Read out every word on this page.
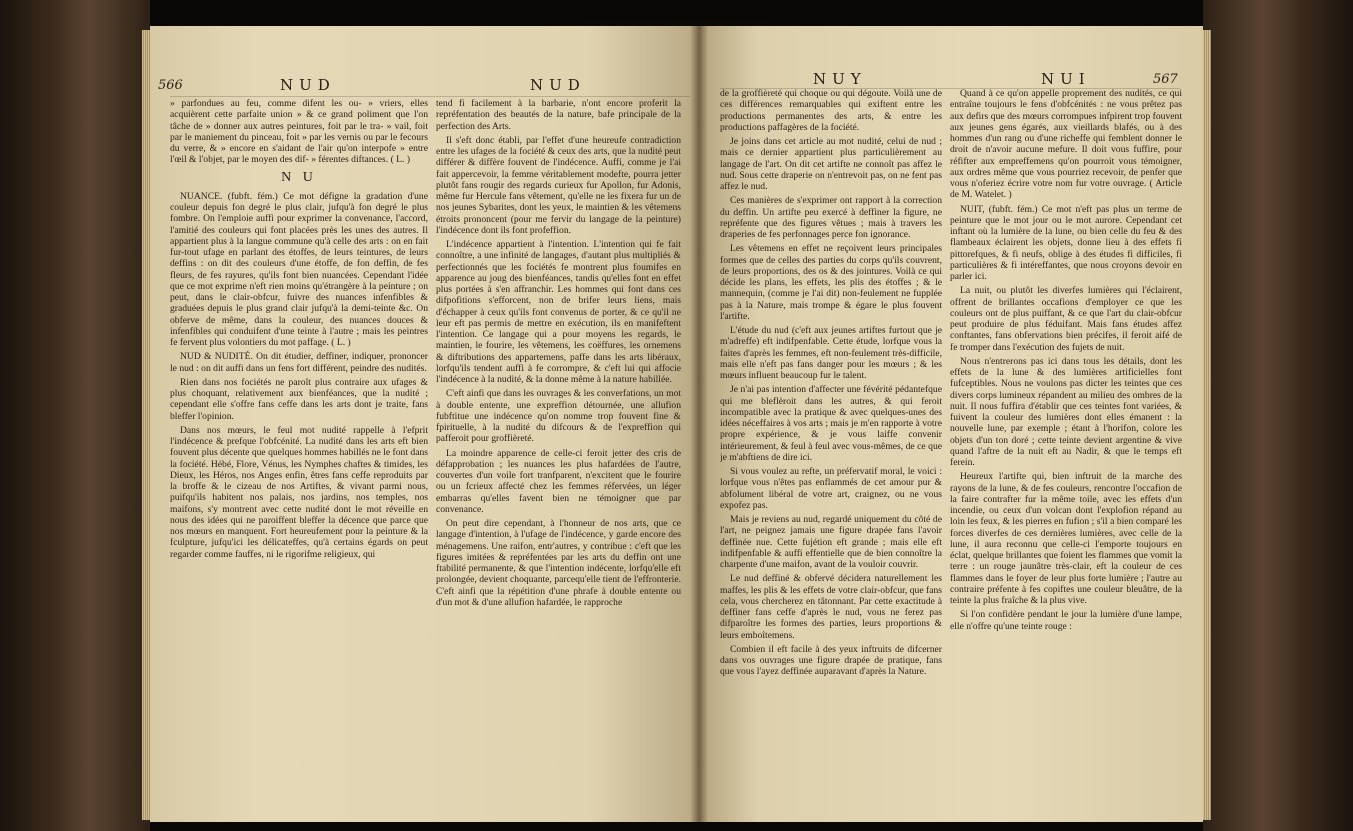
566	NUD	NUD

» parfondues au feu, comme difent les ou- » vriers, elles acquièrent cette parfaite union » & ce grand poliment que l'on tâche de » donner aux autres peintures, foit par le tra- » vail, foit par le maniement du pinceau, foit » par les vernis ou par le fecours du verre, & » encore en s'aidant de l'air qu'on interpofe » entre l'œil & l'objet, par le moyen des dif- » férentes diftances. ( L. )

N U

NUANCE. (fubft. fém.) Ce mot défigne la gradation d'une couleur depuis fon degré le plus clair, jufqu'à fon degré le plus fombre. On l'emploie auffi pour exprimer la convenance, l'accord, l'amitié des couleurs qui font placées près les unes des autres. Il appartient plus à la langue commune qu'à celle des arts : on en fait fur-tout ufage en parlant des étoffes, de leurs teintures, de leurs deffins : on dit des couleurs d'une étoffe, de fon deffin, de fes fleurs, de fes rayures, qu'ils font bien nuancées. Cependant l'idée que ce mot exprime n'eft rien moins qu'étrangère à la peinture ; on peut, dans le clair-obfcur, fuivre des nuances infenfibles & graduées depuis le plus grand clair jufqu'à la demi-teinte &c. On obferve de même, dans la couleur, des nuances douces & infenfibles qui conduifent d'une teinte à l'autre ; mais les peintres fe fervent plus volontiers du mot paffage. ( L. )

NUD & NUDITÉ. On dit étudier, deffiner, indiquer, prononcer le nud : on dit auffi dans un fens fort différent, peindre des nudités.

Rien dans nos fociétés ne paroît plus contraire aux ufages & plus choquant, relativement aux bienféances, que la nudité ; cependant elle s'offre fans ceffe dans les arts dont je traite, fans bleffer l'opinion.

Dans nos mœurs, le feul mot nudité rappelle à l'efprit l'indécence & prefque l'obfcénité. La nudité dans les arts eft bien fouvent plus décente que quelques hommes habillés ne le font dans la fociété. Hébé, Flore, Vénus, les Nymphes chaftes & timides, les Dieux, les Héros, nos Anges enfin, êtres fans ceffe reproduits par la broffe & le cizeau de nos Artiftes, & vivant parmi nous, puifqu'ils habitent nos palais, nos jardins, nos temples, nos maifons, s'y montrent avec cette nudité dont le mot réveille en nous des idées qui ne paroiffent bleffer la décence que parce que nos mœurs en manquent. Fort heureufement pour la peinture & la fculpture, jufqu'ici les délicateffes, qu'à certains égards on peut regarder comme fauffes, ni le rigorifme religieux, qui

tend fi facilement à la barbarie, n'ont encore proferit la repréfentation des beautés de la nature, bafe principale de la perfection des Arts.

Il s'eft donc établi, par l'effet d'une heureufe contradiction entre les ufages de la fociété & ceux des arts, que la nudité peut différer & diffère fouvent de l'indécence. Auffi, comme je l'ai fait appercevoir, la femme véritablement modefte, pourra jetter plutôt fans rougir des regards curieux fur Apollon, fur Adonis, même fur Hercule fans vêtement, qu'elle ne les fixera fur un de nos jeunes Sybarites, dont les yeux, le maintien & les vêtemens étroits prononcent (pour me fervir du langage de la peinture) l'indécence dont ils font profeffion.

L'indécence appartient à l'intention. L'intention qui fe fait connoître, a une infinité de langages, d'autant plus multipliés & perfectionnés que les fociétés fe montrent plus foumifes en apparence au joug des bienféances, tandis qu'elles font en effet plus portées à s'en affranchir. Les hommes qui font dans ces difpofitions s'efforcent, non de brifer leurs liens, mais d'échapper à ceux qu'ils font convenus de porter, & ce qu'il ne leur eft pas permis de mettre en exécution, ils en manifeftent l'intention. Ce langage qui a pour moyens les regards, le maintien, le fourire, les vêtemens, les coëffures, les ornemens & diftributions des appartemens, paffe dans les arts libéraux, lorfqu'ils tendent auffi à fe corrompre, & c'eft lui qui affocie l'indécence à la nudité, & la donne même à la nature habillée.

C'eft ainfi que dans les ouvrages & les converfations, un mot à double entente, une expreffion détournée, une allufion fubftitue une indécence qu'on nomme trop fouvent fine & fpirituelle, à la nudité du difcours & de l'expreffion qui pafferoit pour groffièreté.

La moindre apparence de celle-ci feroit jetter des cris de défapprobation ; les nuances les plus hafardées de l'autre, couvertes d'un voile fort tranfparent, n'excitent que le fourire ou un fcrieux affecté chez les femmes réfervées, un léger embarras qu'elles favent bien ne témoigner que par convenance.

On peut dire cependant, à l'honneur de nos arts, que ce langage d'intention, à l'ufage de l'indécence, y garde encore des ménagemens. Une raifon, entr'autres, y contribue : c'eft que les figures imitées & repréfentées par les arts du deffin ont une ftabilité permanente, & que l'intention indécente, lorfqu'elle eft prolongée, devient choquante, parcequ'elle tient de l'effronterie. C'eft ainfi que la répétition d'une phrafe à double entente ou d'un mot & d'une allufion hafardée, le rapproche

NUY	NUI	567

de la groffièreté qui choque ou qui dégoute. Voilà une de ces différences remarquables qui exiftent entre les productions permanentes des arts, & entre les productions paffagères de la fociété.

Je joins dans cet article au mot nudité, celui de nud ; mais ce dernier appartient plus particulièrement au langage de l'art. On dit cet artifte ne connoît pas affez le nud. Sous cette draperie on n'entrevoit pas, on ne fent pas affez le nud.

Ces manières de s'exprimer ont rapport à la correction du deffin. Un artifte peu exercé à deffiner la figure, ne repréfente que des figures vêtues ; mais à travers les draperies de fes perfonnages perce fon ignorance.

Les vêtemens en effet ne reçoivent leurs principales formes que de celles des parties du corps qu'ils couvrent, de leurs proportions, des os & des jointures. Voilà ce qui décide les plans, les effets, les plis des étoffes ; & le mannequin, (comme je l'ai dit) non-feulement ne fupplée pas à la Nature, mais trompe & égare le plus fouvent l'artifte.

L'étude du nud (c'eft aux jeunes artiftes furtout que je m'adreffe) eft indifpenfable. Cette étude, lorfque vous la faites d'après les femmes, eft non-feulement très-difficile, mais elle n'eft pas fans danger pour les mœurs ; & les mœurs influent beaucoup fur le talent.

Je n'ai pas intention d'affecter une févérité pédantefque qui me bleflèroit dans les autres, & qui feroit incompatible avec la pratique & avec quelques-unes des idées néceffaires à vos arts ; mais je m'en rapporte à votre propre expérience, & je vous laiffe convenir intérieurement, & feul à feul avec vous-mêmes, de ce que je m'abftiens de dire ici.

Si vous voulez au refte, un préfervatif moral, le voici : lorfque vous n'êtes pas enflammés de cet amour pur & abfolument libéral de votre art, craignez, ou ne vous expofez pas.

Mais je reviens au nud, regardé uniquement du côté de l'art, ne peignez jamais une figure drapée fans l'avoir deffinée nue. Cette fujétion eft grande ; mais elle eft indifpenfable & auffi effentielle que de bien connoître la charpente d'une maifon, avant de la vouloir couvrir.

Le nud deffiné & obfervé décidera naturellement les maffes, les plis & les effets de votre clair-obfcur, que fans cela, vous chercherez en tâtonnant. Par cette exactitude à deffiner fans ceffe d'après le nud, vous ne ferez pas difparoître les formes des parties, leurs proportions & leurs emboîtemens.

Combien il eft facile à des yeux inftruits de difcerner dans vos ouvrages une figure drapée de pratique, fans que vous l'ayez deffinée auparavant d'après la Nature.

Quand à ce qu'on appelle proprement des nudités, ce qui entraîne toujours le fens d'obfcénités : ne vous prêtez pas aux defirs que des mœurs corrompues infpirent trop fouvent aux jeunes gens égarés, aux vieillards blafés, ou à des hommes d'un rang ou d'une richeffe qui femblent donner le droit de n'avoir aucune mefure. Il doit vous fuffire, pour réfifter aux empreffemens qu'on pourroit vous témoigner, aux ordres même que vous pourriez recevoir, de penfer que vous n'oferiez écrire votre nom fur votre ouvrage. ( Article de M. Watelet. )

NUIT, (fubft. fém.) Ce mot n'eft pas plus un terme de peinture que le mot jour ou le mot aurore. Cependant cet inftant où la lumière de la lune, ou bien celle du feu & des flambeaux éclairent les objets, donne lieu à des effets fi pittorefques, & fi neufs, oblige à des études fi difficiles, fi particulières & fi intéreffantes, que nous croyons devoir en parler ici.

La nuit, ou plutôt les diverfes lumières qui l'éclairent, offrent de brillantes occafions d'employer ce que les couleurs ont de plus puiffant, & ce que l'art du clair-obfcur peut produire de plus féduifant. Mais fans études affez conftantes, fans obfervations bien précifes, il feroit aifé de fe tromper dans l'exécution des fujets de nuit.

Nous n'entrerons pas ici dans tous les détails, dont les effets de la lune & des lumières artificielles font fufceptibles. Nous ne voulons pas dicter les teintes que ces divers corps lumineux répandent au milieu des ombres de la nuit. Il nous fuffira d'établir que ces teintes font variées, & fuivent la couleur des lumières dont elles émanent : la nouvelle lune, par exemple ; étant à l'horifon, colore les objets d'un ton doré ; cette teinte devient argentine & vive quand l'aftre de la nuit eft au Nadir, & que le temps eft ferein.

Heureux l'artifte qui, bien inftruit de la marche des rayons de la lune, & de fes couleurs, rencontre l'occafion de la faire contrafter fur la même toile, avec les effets d'un incendie, ou ceux d'un volcan dont l'explofion répand au loin les feux, & les pierres en fufion ; s'il a bien comparé les forces diverfes de ces dernières lumières, avec celle de la lune, il aura reconnu que celle-ci l'emporte toujours en éclat, quelque brillantes que foient les flammes que vomit la terre : un rouge jaunâtre très-clair, eft la couleur de ces flammes dans le foyer de leur plus forte lumière ; l'autre au contraire préfente à fes copiftes une couleur bleuâtre, de la teinte la plus fraîche & la plus vive.

Si l'on confidère pendant le jour la lumière d'une lampe, elle n'offre qu'une teinte rouge :
